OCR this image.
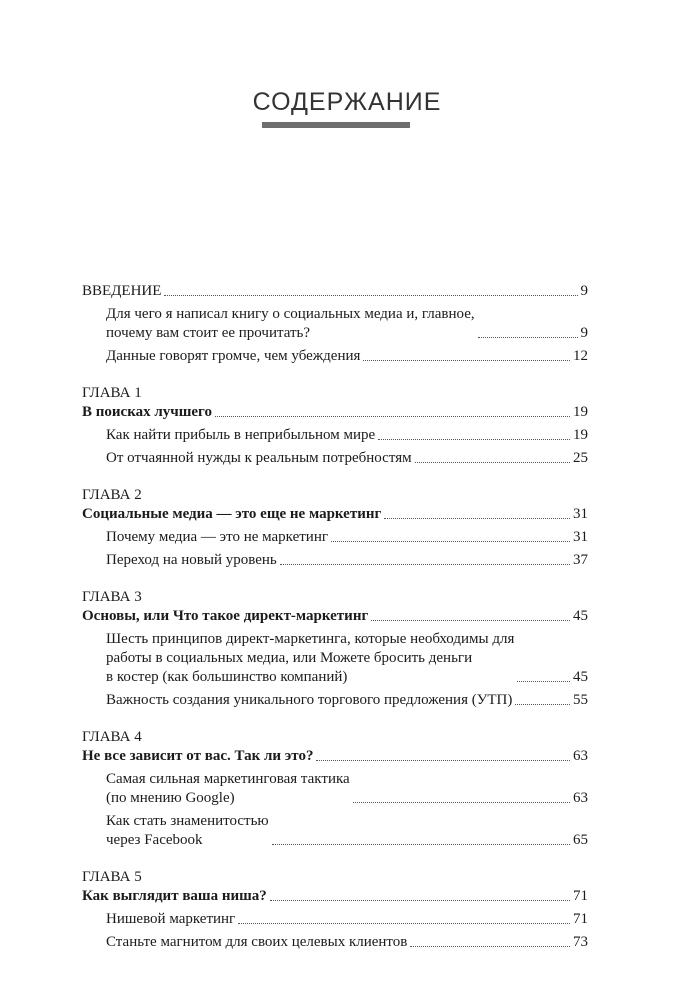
СОДЕРЖАНИЕ
ВВЕДЕНИЕ	9
Для чего я написал книгу о социальных медиа и, главное,
почему вам стоит ее прочитать?	9
Данные говорят громче, чем убеждения	12
ГЛАВА 1
В поисках лучшего	19
Как найти прибыль в неприбыльном мире	19
От отчаянной нужды к реальным потребностям	25
ГЛАВА 2
Социальные медиа — это еще не маркетинг	31
Почему медиа — это не маркетинг	31
Переход на новый уровень	37
ГЛАВА 3
Основы, или Что такое директ-маркетинг	45
Шесть принципов директ-маркетинга, которые необходимы для
работы в социальных медиа, или Можете бросить деньги
в костер (как большинство компаний)	45
Важность создания уникального торгового предложения (УТП)	55
ГЛАВА 4
Не все зависит от вас. Так ли это?	63
Самая сильная маркетинговая тактика
(по мнению Google)	63
Как стать знаменитостью
через Facebook	65
ГЛАВА 5
Как выглядит ваша ниша?	71
Нишевой маркетинг	71
Станьте магнитом для своих целевых клиентов	73
